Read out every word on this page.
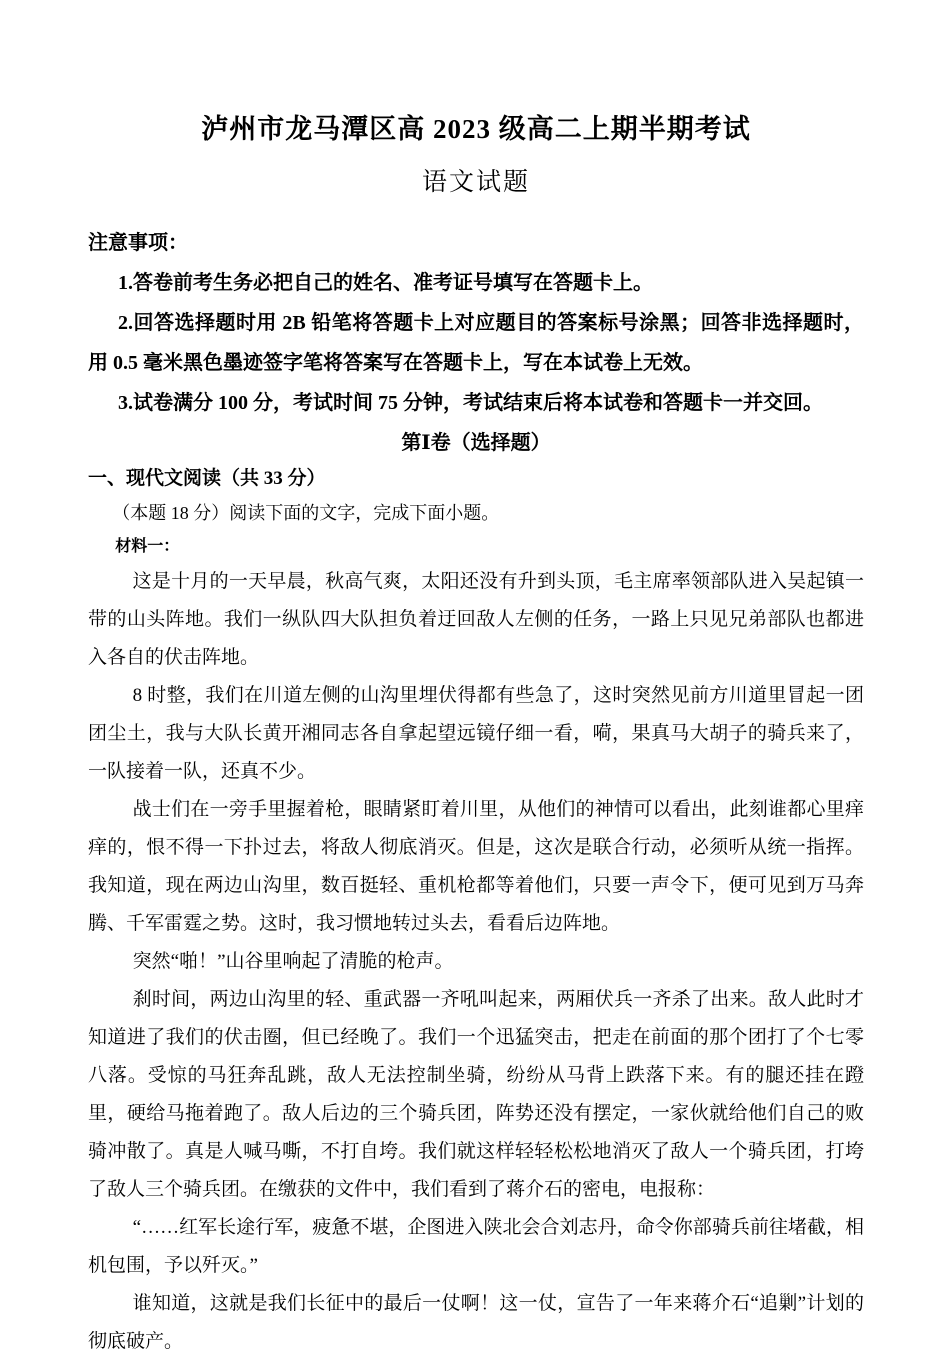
泸州市龙马潭区高 2023 级高二上期半期考试
语文试题
注意事项：

1.答卷前考生务必把自己的姓名、准考证号填写在答题卡上。

2.回答选择题时用 2B 铅笔将答题卡上对应题目的答案标号涂黑；回答非选择题时，用 0.5 毫米黑色墨迹签字笔将答案写在答题卡上，写在本试卷上无效。

3.试卷满分 100 分，考试时间 75 分钟，考试结束后将本试卷和答题卡一并交回。

第Ⅰ卷（选择题）
一、现代文阅读（共 33 分）

（本题 18 分）阅读下面的文字，完成下面小题。

材料一：

这是十月的一天早晨，秋高气爽，太阳还没有升到头顶，毛主席率领部队进入吴起镇一带的山头阵地。我们一纵队四大队担负着迂回敌人左侧的任务，一路上只见兄弟部队也都进入各自的伏击阵地。

8 时整，我们在川道左侧的山沟里埋伏得都有些急了，这时突然见前方川道里冒起一团团尘土，我与大队长黄开湘同志各自拿起望远镜仔细一看，嗬，果真马大胡子的骑兵来了，一队接着一队，还真不少。

战士们在一旁手里握着枪，眼睛紧盯着川里，从他们的神情可以看出，此刻谁都心里痒痒的，恨不得一下扑过去，将敌人彻底消灭。但是，这次是联合行动，必须听从统一指挥。我知道，现在两边山沟里，数百挺轻、重机枪都等着他们，只要一声令下，便可见到万马奔腾、千军雷霆之势。这时，我习惯地转过头去，看看后边阵地。

突然“啪！”山谷里响起了清脆的枪声。

刹时间，两边山沟里的轻、重武器一齐吼叫起来，两厢伏兵一齐杀了出来。敌人此时才知道进了我们的伏击圈，但已经晚了。我们一个迅猛突击，把走在前面的那个团打了个七零八落。受惊的马狂奔乱跳，敌人无法控制坐骑，纷纷从马背上跌落下来。有的腿还挂在蹬里，硬给马拖着跑了。敌人后边的三个骑兵团，阵势还没有摆定，一家伙就给他们自己的败骑冲散了。真是人喊马嘶，不打自垮。我们就这样轻轻松松地消灭了敌人一个骑兵团，打垮了敌人三个骑兵团。在缴获的文件中，我们看到了蒋介石的密电，电报称：

“……红军长途行军，疲惫不堪，企图进入陕北会合刘志丹，命令你部骑兵前往堵截，相机包围，予以歼灭。”

谁知道，这就是我们长征中的最后一仗啊！这一仗，宣告了一年来蒋介石“追剿”计划的彻底破产。
